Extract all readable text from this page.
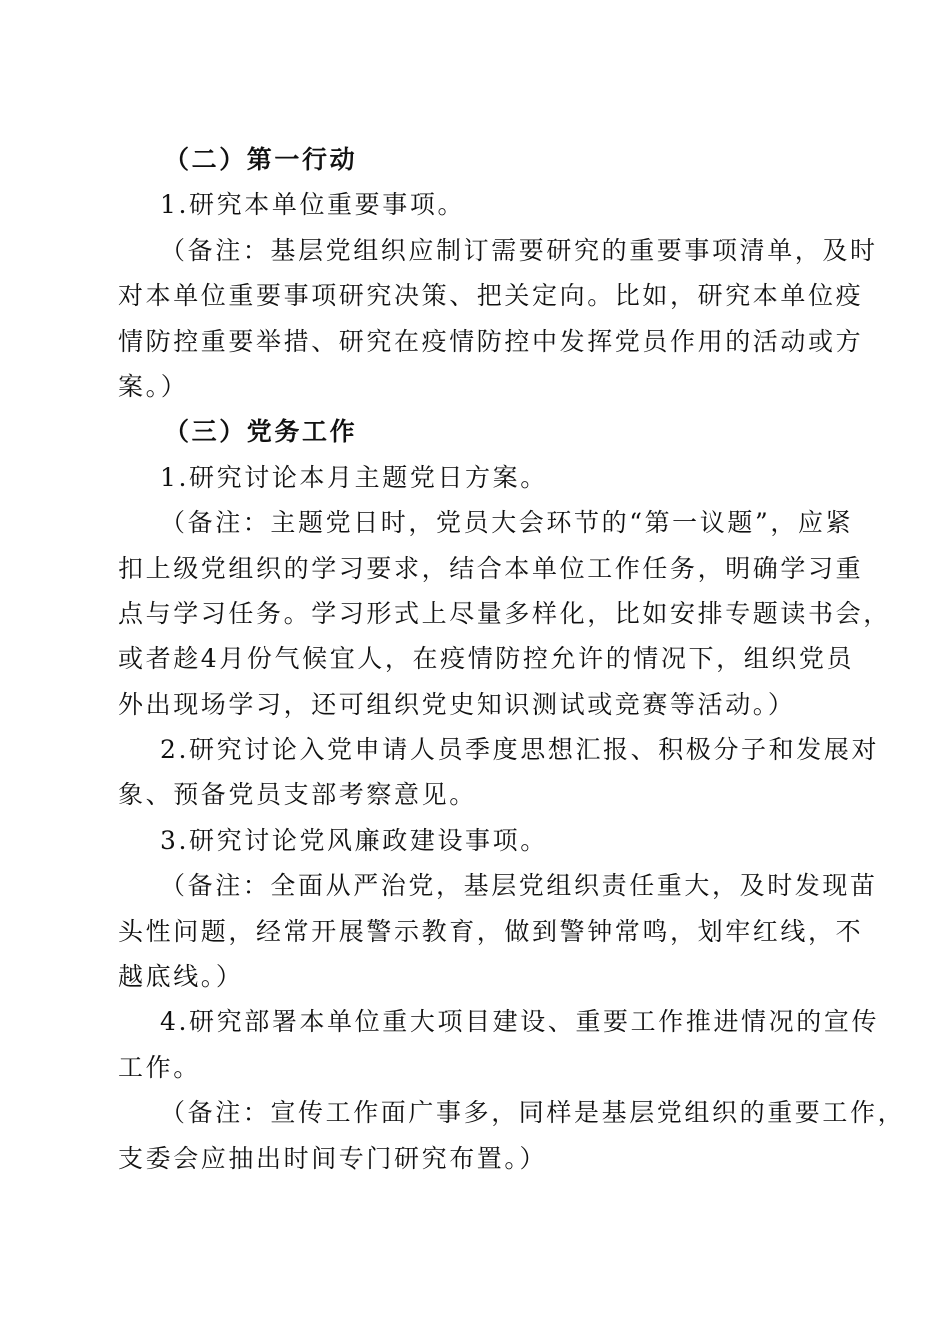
（二）第一行动
1.研究本单位重要事项。
（备注：基层党组织应制订需要研究的重要事项清单，及时
对本单位重要事项研究决策、把关定向。比如，研究本单位疫
情防控重要举措、研究在疫情防控中发挥党员作用的活动或方
案。）
（三）党务工作
1.研究讨论本月主题党日方案。
（备注：主题党日时，党员大会环节的“第一议题”，应紧
扣上级党组织的学习要求，结合本单位工作任务，明确学习重
点与学习任务。学习形式上尽量多样化，比如安排专题读书会，
或者趁4月份气候宜人，在疫情防控允许的情况下，组织党员
外出现场学习，还可组织党史知识测试或竞赛等活动。）
2.研究讨论入党申请人员季度思想汇报、积极分子和发展对
象、预备党员支部考察意见。
3.研究讨论党风廉政建设事项。
（备注：全面从严治党，基层党组织责任重大，及时发现苗
头性问题，经常开展警示教育，做到警钟常鸣，划牢红线，不
越底线。）
4.研究部署本单位重大项目建设、重要工作推进情况的宣传
工作。
（备注：宣传工作面广事多，同样是基层党组织的重要工作，
支委会应抽出时间专门研究布置。）
